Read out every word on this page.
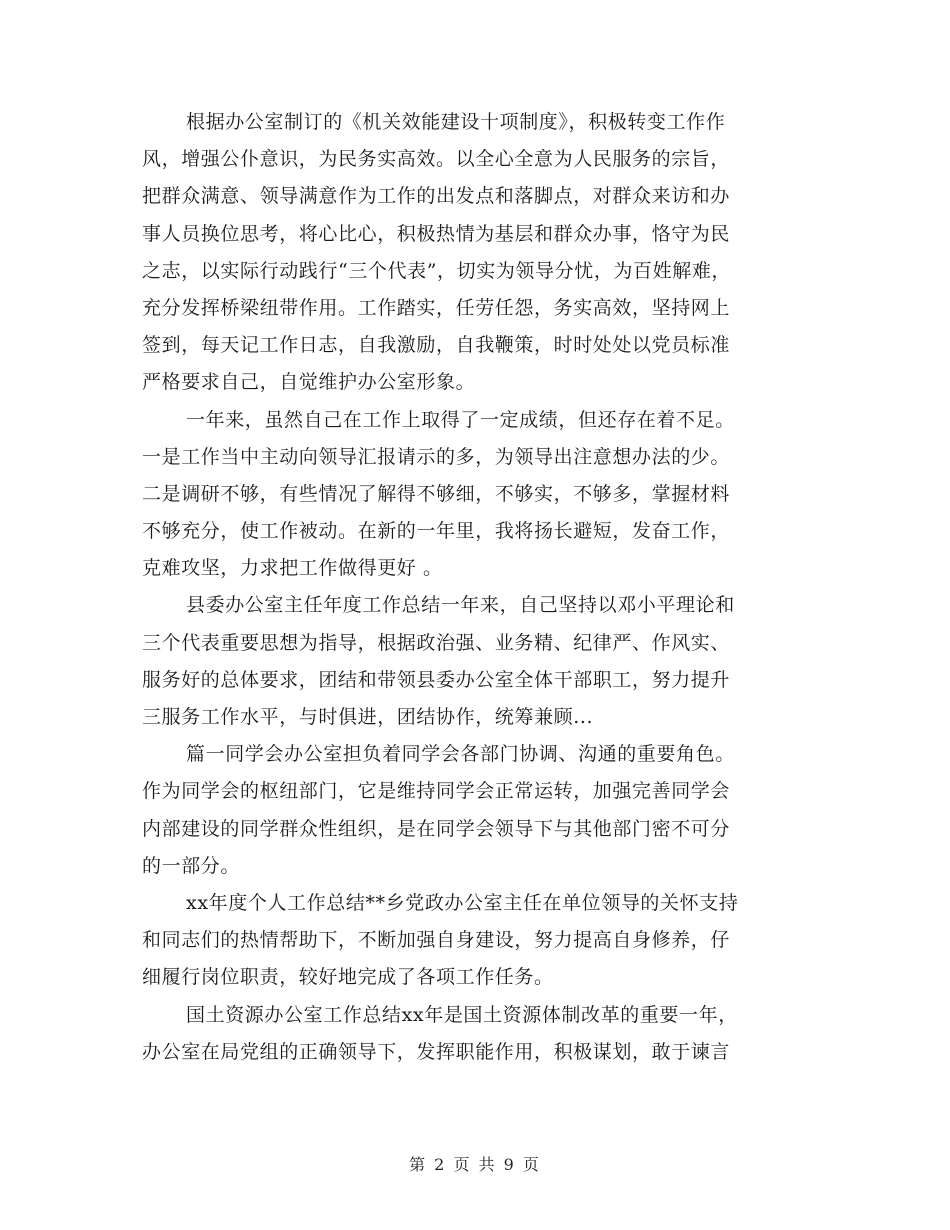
根据办公室制订的《机关效能建设十项制度》，积极转变工作作
风，增强公仆意识，为民务实高效。以全心全意为人民服务的宗旨，
把群众满意、领导满意作为工作的出发点和落脚点，对群众来访和办
事人员换位思考，将心比心，积极热情为基层和群众办事，恪守为民
之志，以实际行动践行“三个代表”，切实为领导分忧，为百姓解难，
充分发挥桥梁纽带作用。工作踏实，任劳任怨，务实高效，坚持网上
签到，每天记工作日志，自我激励，自我鞭策，时时处处以党员标准
严格要求自己，自觉维护办公室形象。
一年来，虽然自己在工作上取得了一定成绩，但还存在着不足。
一是工作当中主动向领导汇报请示的多，为领导出注意想办法的少。
二是调研不够，有些情况了解得不够细，不够实，不够多，掌握材料
不够充分，使工作被动。在新的一年里，我将扬长避短，发奋工作，
克难攻坚，力求把工作做得更好 。
县委办公室主任年度工作总结一年来，自己坚持以邓小平理论和
三个代表重要思想为指导，根据政治强、业务精、纪律严、作风实、
服务好的总体要求，团结和带领县委办公室全体干部职工，努力提升
三服务工作水平，与时俱进，团结协作，统筹兼顾...
篇一同学会办公室担负着同学会各部门协调、沟通的重要角色。
作为同学会的枢纽部门，它是维持同学会正常运转，加强完善同学会
内部建设的同学群众性组织，是在同学会领导下与其他部门密不可分
的一部分。
xx年度个人工作总结**乡党政办公室主任在单位领导的关怀支持
和同志们的热情帮助下，不断加强自身建设，努力提高自身修养，仔
细履行岗位职责，较好地完成了各项工作任务。
国土资源办公室工作总结xx年是国土资源体制改革的重要一年，
办公室在局党组的正确领导下，发挥职能作用，积极谋划，敢于谏言
第 2 页 共 9 页
